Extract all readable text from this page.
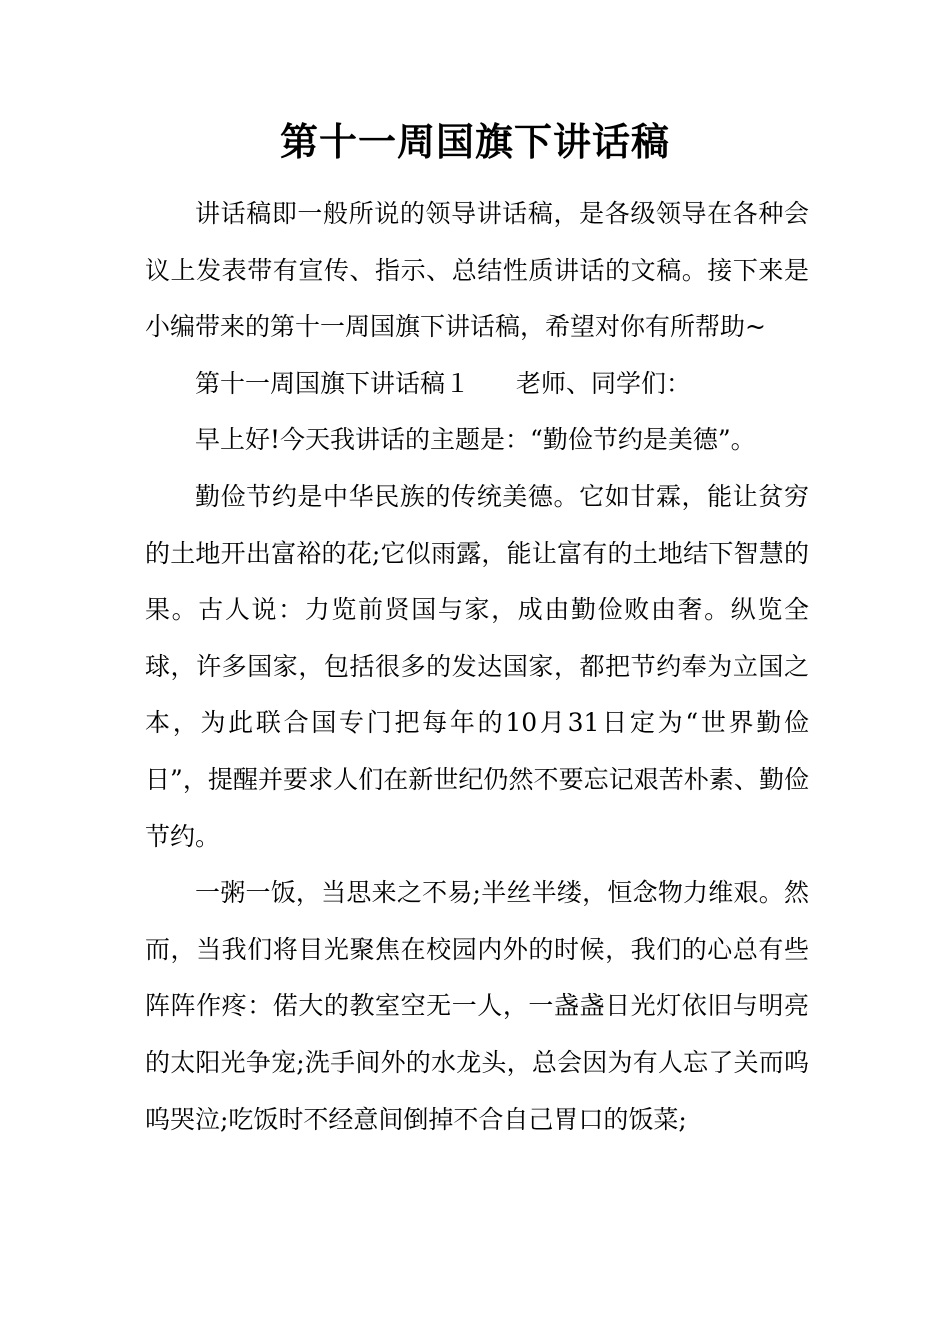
第十一周国旗下讲话稿

讲话稿即一般所说的领导讲话稿，是各级领导在各种会议上发表带有宣传、指示、总结性质讲话的文稿。接下来是小编带来的第十一周国旗下讲话稿，希望对你有所帮助~

第十一周国旗下讲话稿１ 老师、同学们：

早上好!今天我讲话的主题是：“勤俭节约是美德”。

勤俭节约是中华民族的传统美德。它如甘霖，能让贫穷的土地开出富裕的花;它似雨露，能让富有的土地结下智慧的果。古人说：力览前贤国与家，成由勤俭败由奢。纵览全球，许多国家，包括很多的发达国家，都把节约奉为立国之本，为此联合国专门把每年的10月31日定为“世界勤俭日”，提醒并要求人们在新世纪仍然不要忘记艰苦朴素、勤俭节约。

一粥一饭，当思来之不易;半丝半缕，恒念物力维艰。然而，当我们将目光聚焦在校园内外的时候，我们的心总有些阵阵作疼：偌大的教室空无一人，一盏盏日光灯依旧与明亮的太阳光争宠;洗手间外的水龙头，总会因为有人忘了关而呜呜哭泣;吃饭时不经意间倒掉不合自己胃口的饭菜;
